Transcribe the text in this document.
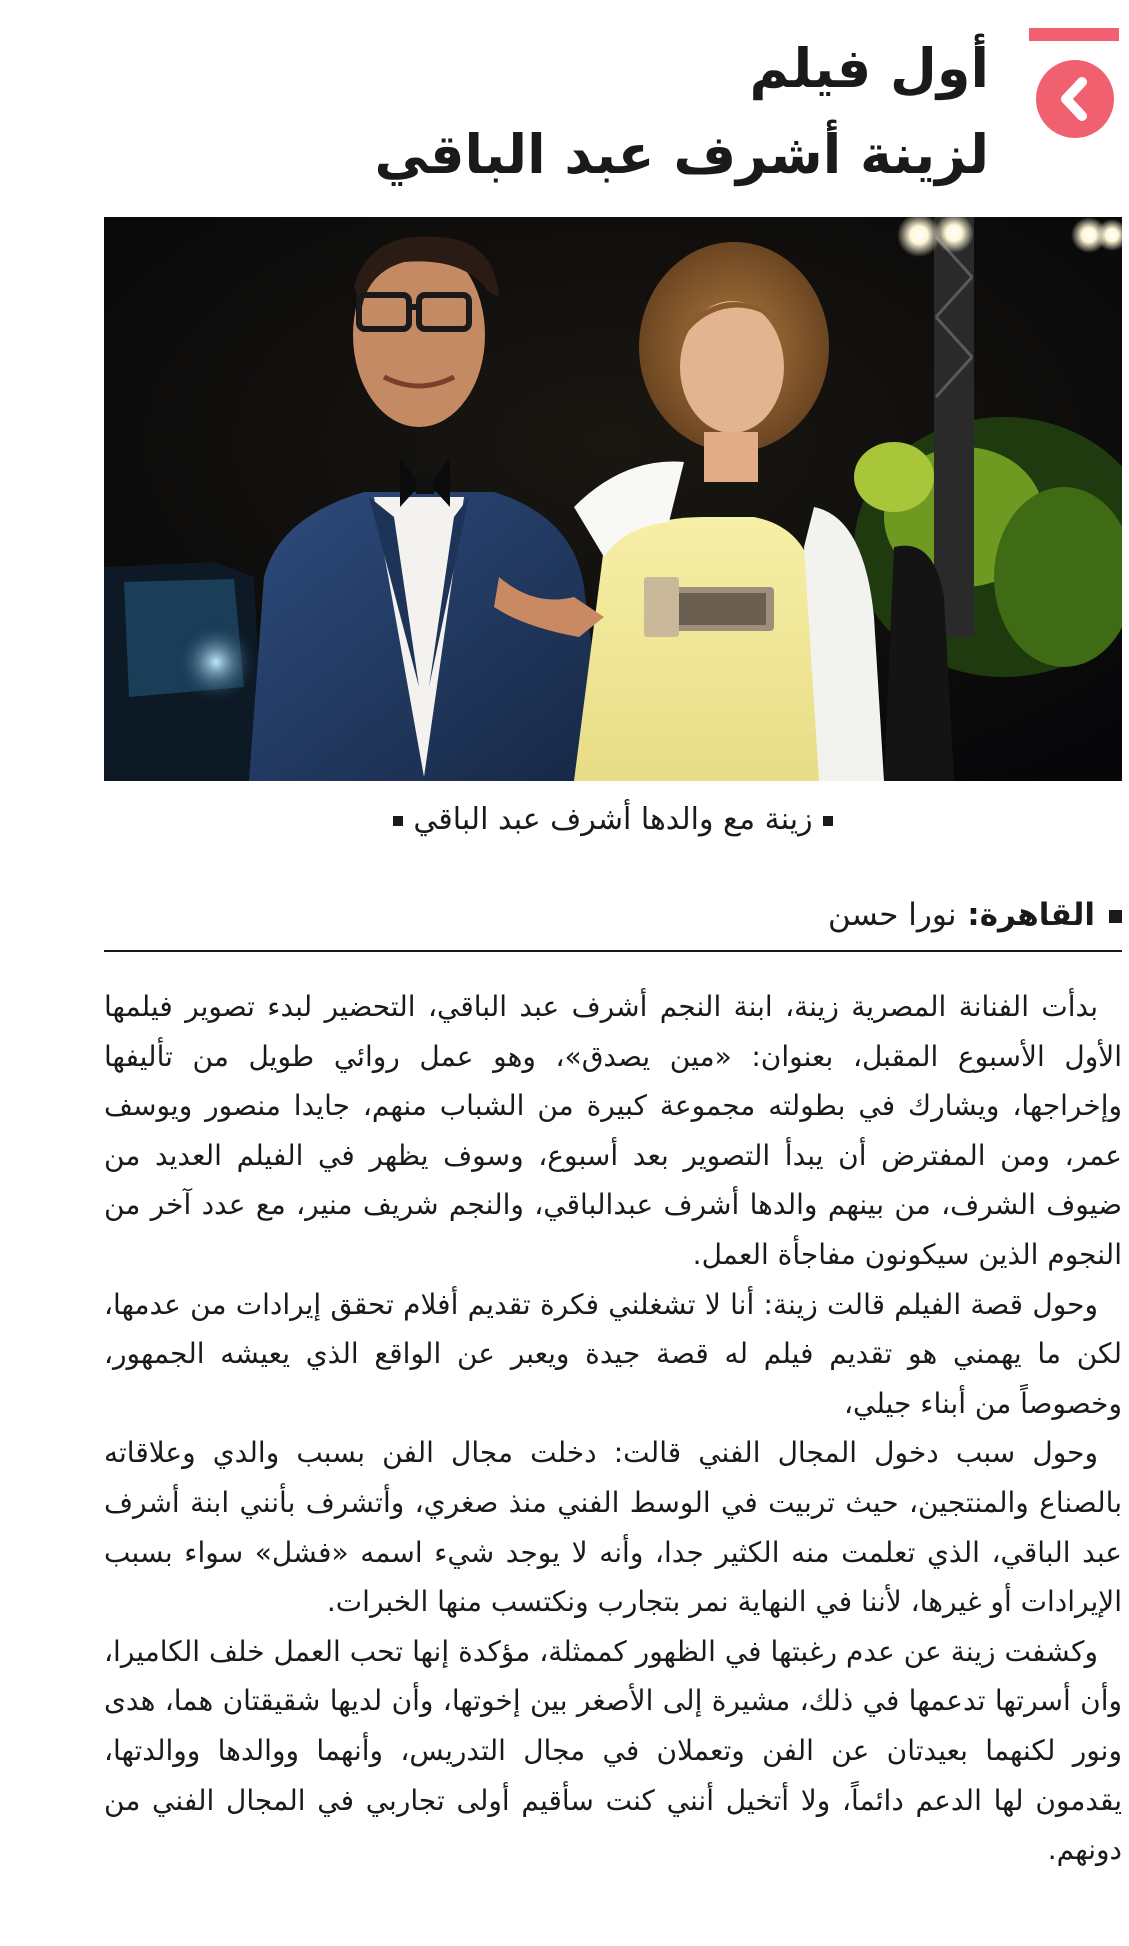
أول فيلم
لزينة أشرف عبد الباقي
زينة مع والدها أشرف عبد الباقي
القاهرة: نورا حسن

بدأت الفنانة المصرية زينة، ابنة النجم أشرف عبد الباقي، التحضير لبدء تصوير فيلمها الأول الأسبوع المقبل، بعنوان: «مين يصدق»، وهو عمل روائي طويل من تأليفها وإخراجها، ويشارك في بطولته مجموعة كبيرة من الشباب منهم، جايدا منصور ويوسف عمر، ومن المفترض أن يبدأ التصوير بعد أسبوع، وسوف يظهر في الفيلم العديد من ضيوف الشرف، من بينهم والدها أشرف عبدالباقي، والنجم شريف منير، مع عدد آخر من النجوم الذين سيكونون مفاجأة العمل.

وحول قصة الفيلم قالت زينة: أنا لا تشغلني فكرة تقديم أفلام تحقق إيرادات من عدمها، لكن ما يهمني هو تقديم فيلم له قصة جيدة ويعبر عن الواقع الذي يعيشه الجمهور، وخصوصاً من أبناء جيلي،

وحول سبب دخول المجال الفني قالت: دخلت مجال الفن بسبب والدي وعلاقاته بالصناع والمنتجين، حيث تربيت في الوسط الفني منذ صغري، وأتشرف بأنني ابنة أشرف عبد الباقي، الذي تعلمت منه الكثير جدا، وأنه لا يوجد شيء اسمه «فشل» سواء بسبب الإيرادات أو غيرها، لأننا في النهاية نمر بتجارب ونكتسب منها الخبرات.

وكشفت زينة عن عدم رغبتها في الظهور كممثلة، مؤكدة إنها تحب العمل خلف الكاميرا، وأن أسرتها تدعمها في ذلك، مشيرة إلى الأصغر بين إخوتها، وأن لديها شقيقتان هما، هدى ونور لكنهما بعيدتان عن الفن وتعملان في مجال التدريس، وأنهما ووالدها ووالدتها، يقدمون لها الدعم دائماً، ولا أتخيل أنني كنت سأقيم أولى تجاربي في المجال الفني من دونهم.
